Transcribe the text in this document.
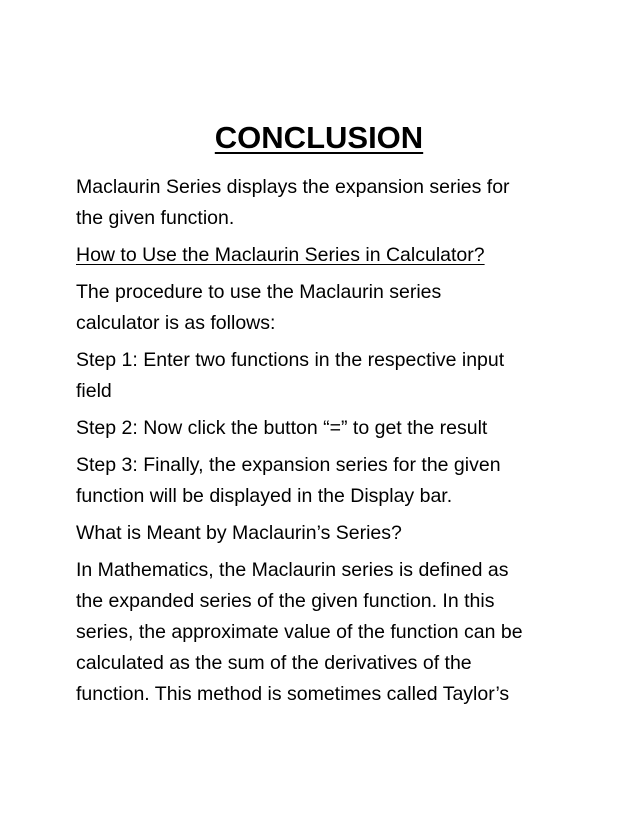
CONCLUSION

Maclaurin Series displays the expansion series for
the given function.

How to Use the Maclaurin Series in Calculator?

The procedure to use the Maclaurin series
calculator is as follows:

Step 1: Enter two functions in the respective input
field

Step 2: Now click the button “=” to get the result

Step 3: Finally, the expansion series for the given
function will be displayed in the Display bar.

What is Meant by Maclaurin’s Series?

In Mathematics, the Maclaurin series is defined as
the expanded series of the given function. In this
series, the approximate value of the function can be
calculated as the sum of the derivatives of the
function. This method is sometimes called Taylor’s
